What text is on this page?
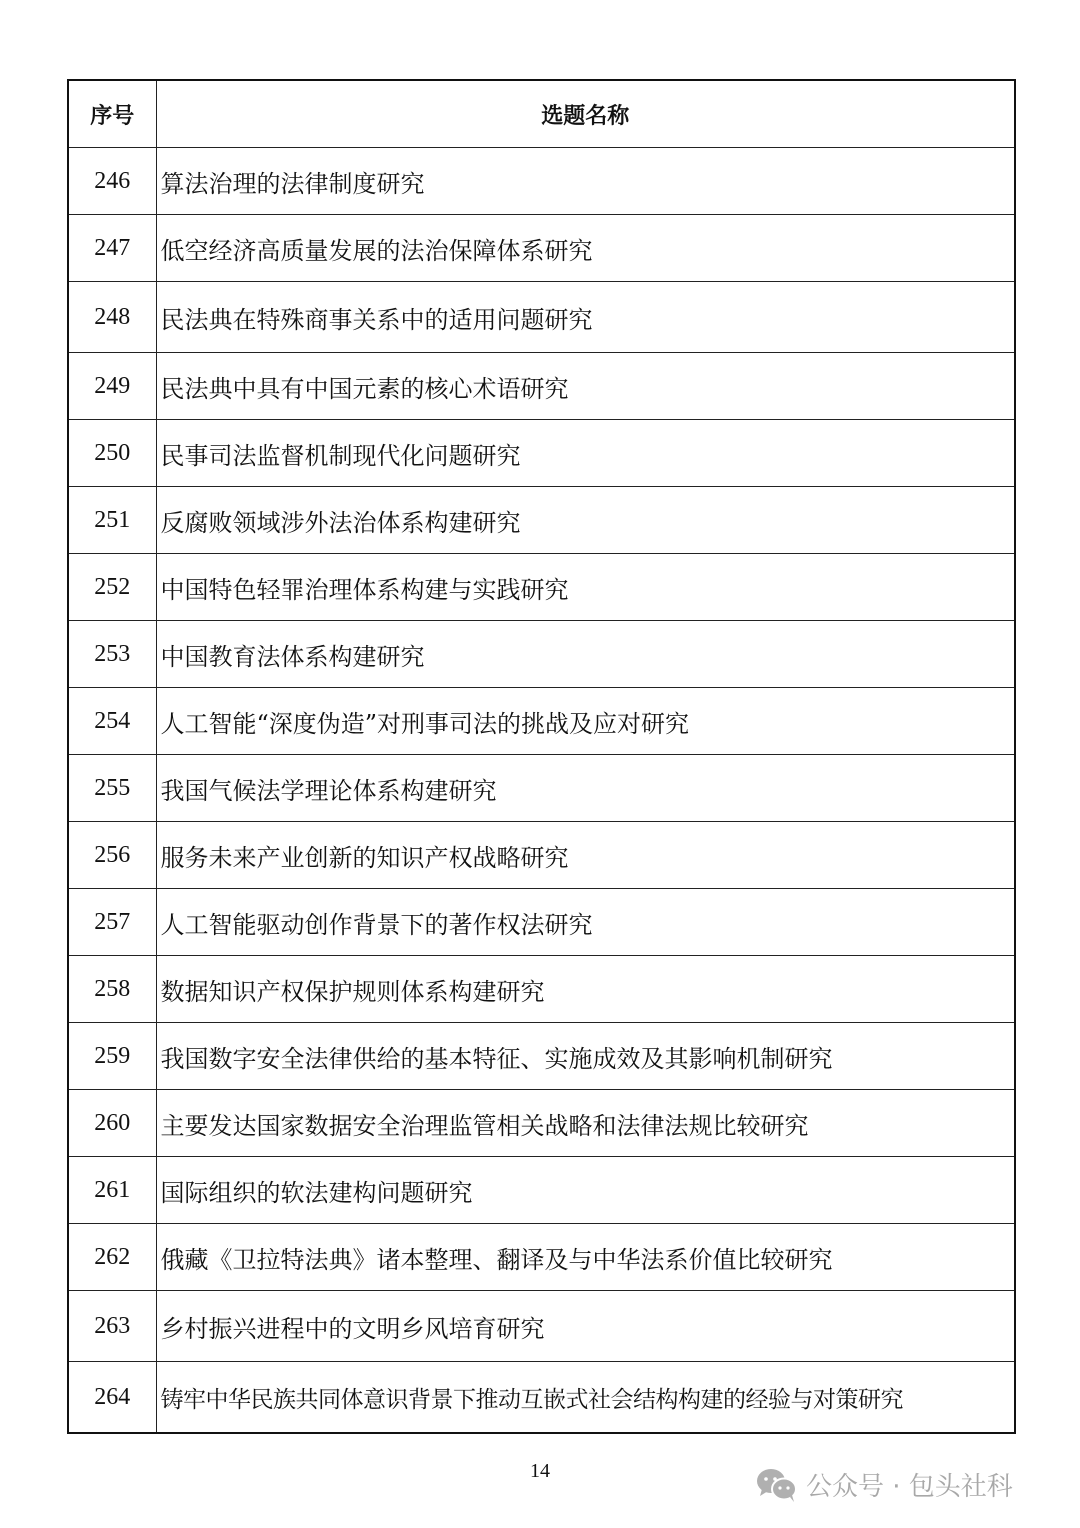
序号	选题名称
246	算法治理的法律制度研究
247	低空经济高质量发展的法治保障体系研究
248	民法典在特殊商事关系中的适用问题研究
249	民法典中具有中国元素的核心术语研究
250	民事司法监督机制现代化问题研究
251	反腐败领域涉外法治体系构建研究
252	中国特色轻罪治理体系构建与实践研究
253	中国教育法体系构建研究
254	人工智能“深度伪造”对刑事司法的挑战及应对研究
255	我国气候法学理论体系构建研究
256	服务未来产业创新的知识产权战略研究
257	人工智能驱动创作背景下的著作权法研究
258	数据知识产权保护规则体系构建研究
259	我国数字安全法律供给的基本特征、实施成效及其影响机制研究
260	主要发达国家数据安全治理监管相关战略和法律法规比较研究
261	国际组织的软法建构问题研究
262	俄藏《卫拉特法典》诸本整理、翻译及与中华法系价值比较研究
263	乡村振兴进程中的文明乡风培育研究
264	铸牢中华民族共同体意识背景下推动互嵌式社会结构构建的经验与对策研究
14
公众号 · 包头社科
